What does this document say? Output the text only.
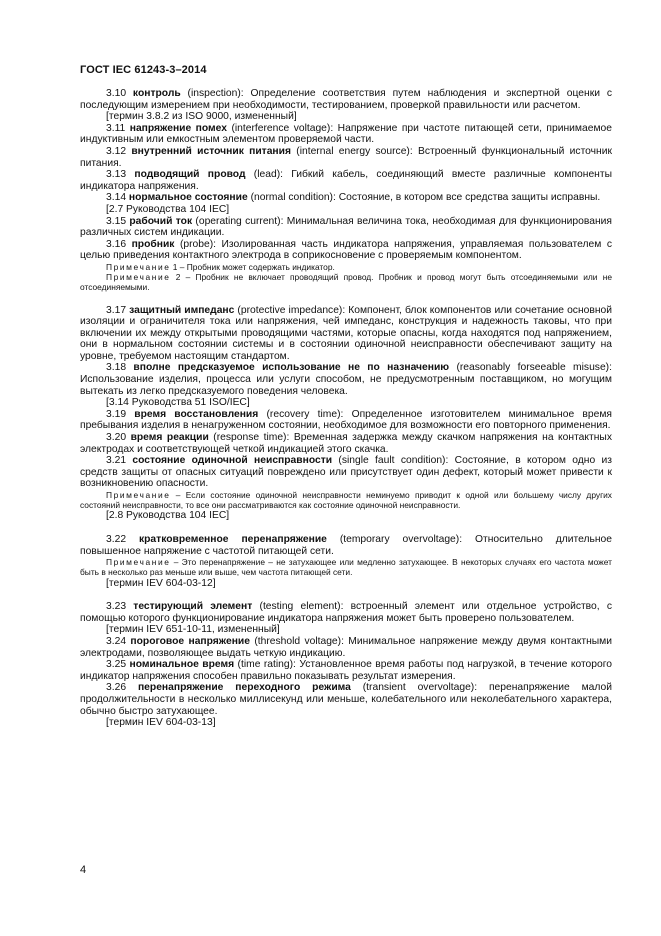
ГОСТ IEC 61243-3–2014

3.10 контроль (inspection): Определение соответствия путем наблюдения и экспертной оценки с последующим измерением при необходимости, тестированием, проверкой правильности или расчетом.

[термин 3.8.2 из ISO 9000, измененный]

3.11 напряжение помех (interference voltage): Напряжение при частоте питающей сети, принимаемое индуктивным или емкостным элементом проверяемой части.

3.12 внутренний источник питания (internal energy source): Встроенный функциональный источник питания.

3.13 подводящий провод (lead): Гибкий кабель, соединяющий вместе различные компоненты индикатора напряжения.

3.14 нормальное состояние (normal condition): Состояние, в котором все средства защиты исправны.

[2.7 Руководства 104 IEC]

3.15 рабочий ток (operating current): Минимальная величина тока, необходимая для функционирования различных систем индикации.

3.16 пробник (probe): Изолированная часть индикатора напряжения, управляемая пользователем с целью приведения контактного электрода в соприкосновение с проверяемым компонентом.

Примечание 1 – Пробник может содержать индикатор.

Примечание 2 – Пробник не включает проводящий провод. Пробник и провод могут быть отсоединяемыми или не отсоединяемыми.

3.17 защитный импеданс (protective impedance): Компонент, блок компонентов или сочетание основной изоляции и ограничителя тока или напряжения, чей импеданс, конструкция и надежность таковы, что при включении их между открытыми проводящими частями, которые опасны, когда находятся под напряжением, они в нормальном состоянии системы и в состоянии одиночной неисправности обеспечивают защиту на уровне, требуемом настоящим стандартом.

3.18 вполне предсказуемое использование не по назначению (reasonably forseeable misuse): Использование изделия, процесса или услуги способом, не предусмотренным поставщиком, но могущим вытекать из легко предсказуемого поведения человека.

[3.14 Руководства 51 ISO/IEC]

3.19 время восстановления (recovery time): Определенное изготовителем минимальное время пребывания изделия в ненагруженном состоянии, необходимое для возможности его повторного применения.

3.20 время реакции (response time): Временная задержка между скачком напряжения на контактных электродах и соответствующей четкой индикацией этого скачка.

3.21 состояние одиночной неисправности (single fault condition): Состояние, в котором одно из средств защиты от опасных ситуаций повреждено или присутствует один дефект, который может привести к возникновению опасности.

Примечание – Если состояние одиночной неисправности неминуемо приводит к одной или большему числу других состояний неисправности, то все они рассматриваются как состояние одиночной неисправности.

[2.8 Руководства 104 IEC]

3.22 кратковременное перенапряжение (temporary overvoltage): Относительно длительное повышенное напряжение с частотой питающей сети.

Примечание – Это перенапряжение – не затухающее или медленно затухающее. В некоторых случаях его частота может быть в несколько раз меньше или выше, чем частота питающей сети.

[термин IEV 604-03-12]

3.23 тестирующий элемент (testing element): встроенный элемент или отдельное устройство, с помощью которого функционирование индикатора напряжения может быть проверено пользователем.

[термин IEV 651-10-11, измененный]

3.24 пороговое напряжение (threshold voltage): Минимальное напряжение между двумя контактными электродами, позволяющее выдать четкую индикацию.

3.25 номинальное время (time rating): Установленное время работы под нагрузкой, в течение которого индикатор напряжения способен правильно показывать результат измерения.

3.26 перенапряжение переходного режима (transient overvoltage): перенапряжение малой продолжительности в несколько миллисекунд или меньше, колебательного или неколебательного характера, обычно быстро затухающее.

[термин IEV 604-03-13]

4
